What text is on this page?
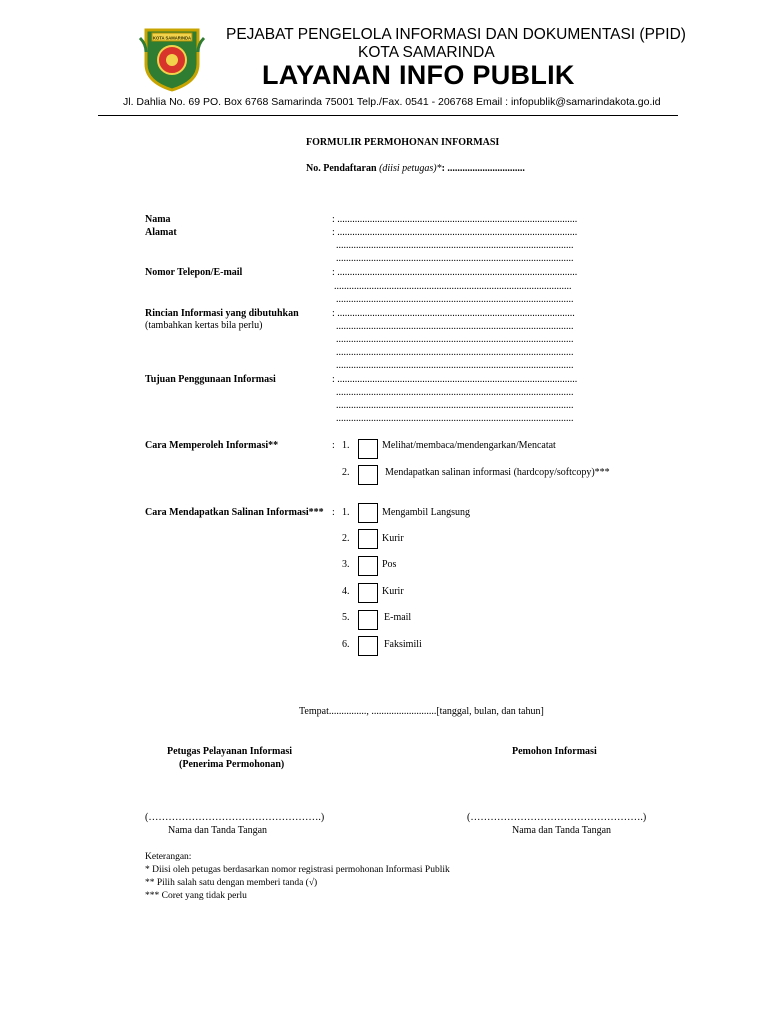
KOTA SAMARINDA PEJABAT PENGELOLA INFORMASI DAN DOKUMENTASI (PPID)
KOTA SAMARINDA
LAYANAN INFO PUBLIK
Jl. Dahlia No. 69 PO. Box 6768 Samarinda 75001 Telp./Fax. 0541 - 206768 Email : infopublik@samarindakota.go.id
FORMULIR PERMOHONAN INFORMASI
No. Pendaftaran (diisi petugas)*: ...............................
Nama	: ................................................................................................
Alamat	: ................................................................................................
...............................................................................................
...............................................................................................
Nomor Telepon/E-mail	: ................................................................................................
...............................................................................................
...............................................................................................
Rincian Informasi yang dibutuhkan
(tambahkan kertas bila perlu)
: ...............................................................................................
...............................................................................................
...............................................................................................
...............................................................................................
...............................................................................................
Tujuan Penggunaan Informasi	: ................................................................................................
...............................................................................................
...............................................................................................
...............................................................................................
Cara Memperoleh Informasi**	: 1.	Melihat/membaca/mendengarkan/Mencatat
2.	Mendapatkan salinan informasi (hardcopy/softcopy)***
Cara Mendapatkan Salinan Informasi*** : 1.	Mengambil Langsung
2.	Kurir
3.	Pos
4.	Kurir
5.	E-mail
6.	Faksimili
Tempat..............., ..........................[tanggal, bulan, dan tahun]
Petugas Pelayanan Informasi
(Penerima Permohonan)
Pemohon Informasi
(…………………………………………….)
Nama dan Tanda Tangan
(…………………………………………….)
Nama dan Tanda Tangan
Keterangan:
* Diisi oleh petugas berdasarkan nomor registrasi permohonan Informasi Publik
** Pilih salah satu dengan memberi tanda (√)
*** Coret yang tidak perlu
